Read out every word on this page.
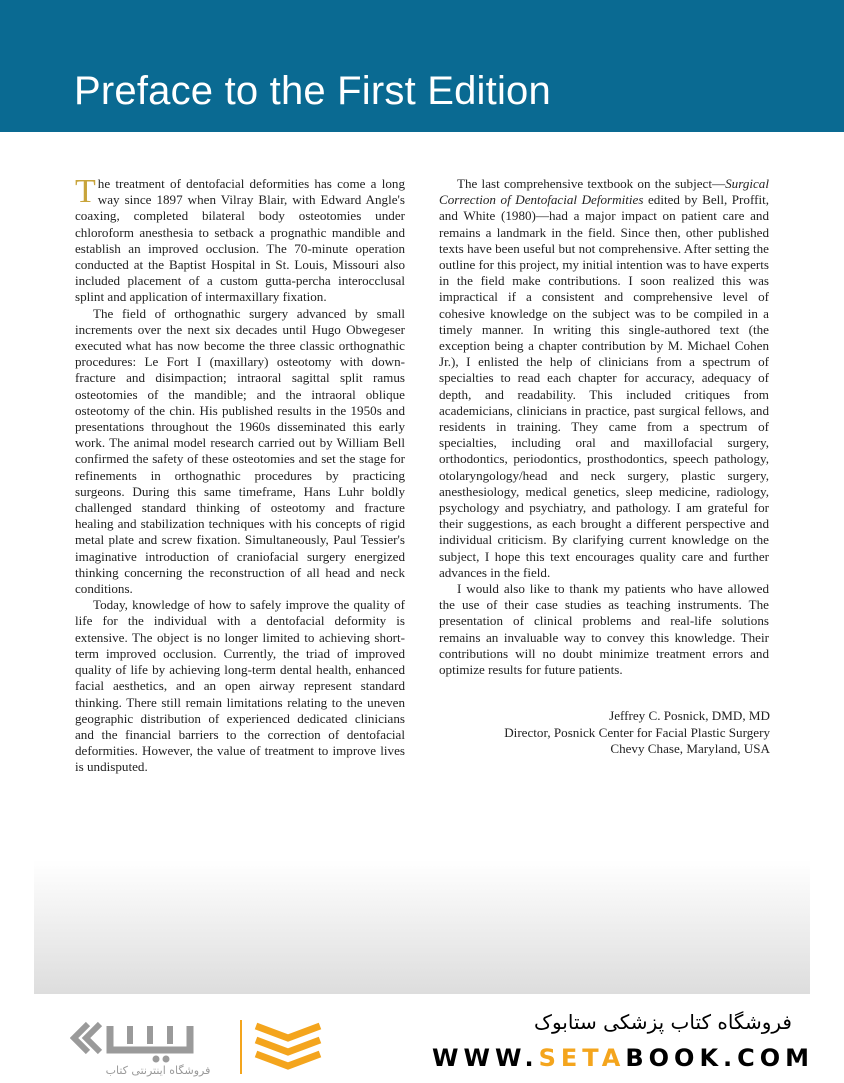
Preface to the First Edition

The treatment of dentofacial deformities has come a long way since 1897 when Vilray Blair, with Edward Angle's coaxing, completed bilateral body osteotomies under chloroform anesthesia to setback a prognathic mandible and establish an improved occlusion. The 70-minute operation conducted at the Baptist Hospital in St. Louis, Missouri also included placement of a custom gutta-percha interocclusal splint and application of intermaxillary fixation.

The field of orthognathic surgery advanced by small increments over the next six decades until Hugo Obwegeser executed what has now become the three classic orthognathic procedures: Le Fort I (maxillary) osteotomy with down-fracture and disimpaction; intraoral sagittal split ramus osteotomies of the mandible; and the intraoral oblique osteotomy of the chin. His published results in the 1950s and presentations throughout the 1960s disseminated this early work. The animal model research carried out by William Bell confirmed the safety of these osteotomies and set the stage for refinements in orthognathic procedures by practicing surgeons. During this same timeframe, Hans Luhr boldly challenged standard thinking of osteotomy and fracture healing and stabilization techniques with his concepts of rigid metal plate and screw fixation. Simultaneously, Paul Tessier's imaginative introduction of craniofacial surgery energized thinking concerning the reconstruction of all head and neck conditions.

Today, knowledge of how to safely improve the quality of life for the individual with a dentofacial deformity is extensive. The object is no longer limited to achieving short-term improved occlusion. Currently, the triad of improved quality of life by achieving long-term dental health, enhanced facial aesthetics, and an open airway represent standard thinking. There still remain limitations relating to the uneven geographic distribution of experienced dedicated clinicians and the financial barriers to the correction of dentofacial deformities. However, the value of treatment to improve lives is undisputed.

The last comprehensive textbook on the subject—Surgical Correction of Dentofacial Deformities edited by Bell, Proffit, and White (1980)—had a major impact on patient care and remains a landmark in the field. Since then, other published texts have been useful but not comprehensive. After setting the outline for this project, my initial intention was to have experts in the field make contributions. I soon realized this was impractical if a consistent and comprehensive level of cohesive knowledge on the subject was to be compiled in a timely manner. In writing this single-authored text (the exception being a chapter contribution by M. Michael Cohen Jr.), I enlisted the help of clinicians from a spectrum of specialties to read each chapter for accuracy, adequacy of depth, and readability. This included critiques from academicians, clinicians in practice, past surgical fellows, and residents in training. They came from a spectrum of specialties, including oral and maxillofacial surgery, orthodontics, periodontics, prosthodontics, speech pathology, otolaryngology/head and neck surgery, plastic surgery, anesthesiology, medical genetics, sleep medicine, radiology, psychology and psychiatry, and pathology. I am grateful for their suggestions, as each brought a different perspective and individual criticism. By clarifying current knowledge on the subject, I hope this text encourages quality care and further advances in the field.

I would also like to thank my patients who have allowed the use of their case studies as teaching instruments. The presentation of clinical problems and real-life solutions remains an invaluable way to convey this knowledge. Their contributions will no doubt minimize treatment errors and optimize results for future patients.

Jeffrey C. Posnick, DMD, MD
Director, Posnick Center for Facial Plastic Surgery
Chevy Chase, Maryland, USA
فروشگاه اینترنتی کتاب
فروشگاه کتاب پزشکی ستابوک
WWW.SETABOOK.COM
